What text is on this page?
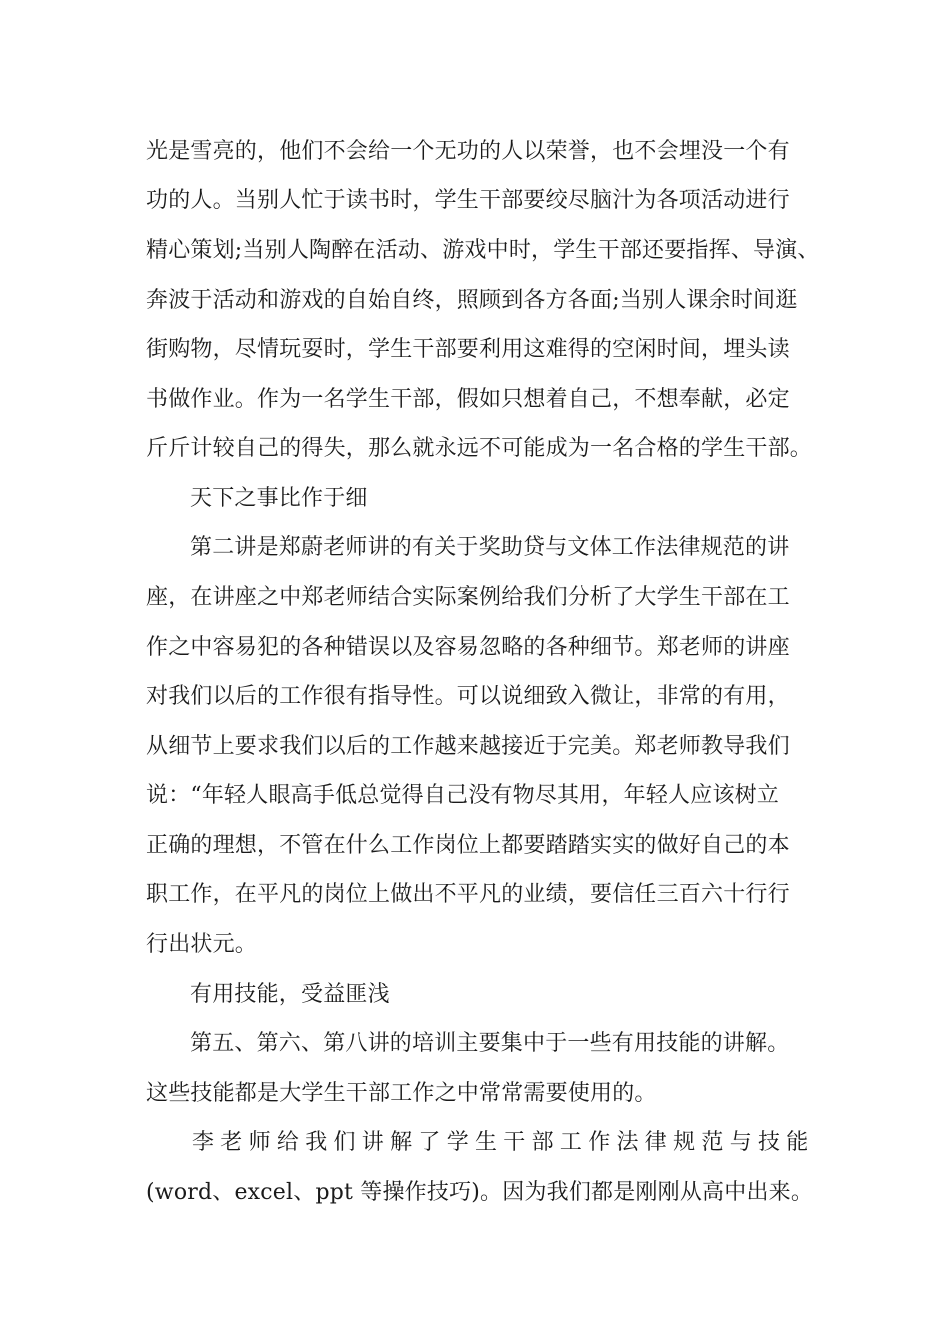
光是雪亮的，他们不会给一个无功的人以荣誉，也不会埋没一个有
功的人。当别人忙于读书时，学生干部要绞尽脑汁为各项活动进行
精心策划;当别人陶醉在活动、游戏中时，学生干部还要指挥、导演、
奔波于活动和游戏的自始自终，照顾到各方各面;当别人课余时间逛
街购物，尽情玩耍时，学生干部要利用这难得的空闲时间，埋头读
书做作业。作为一名学生干部，假如只想着自己，不想奉献，必定
斤斤计较自己的得失，那么就永远不可能成为一名合格的学生干部。
天下之事比作于细
第二讲是郑蔚老师讲的有关于奖助贷与文体工作法律规范的讲
座，在讲座之中郑老师结合实际案例给我们分析了大学生干部在工
作之中容易犯的各种错误以及容易忽略的各种细节。郑老师的讲座
对我们以后的工作很有指导性。可以说细致入微让，非常的有用，
从细节上要求我们以后的工作越来越接近于完美。郑老师教导我们
说：“年轻人眼高手低总觉得自己没有物尽其用，年轻人应该树立
正确的理想，不管在什么工作岗位上都要踏踏实实的做好自己的本
职工作，在平凡的岗位上做出不平凡的业绩，要信任三百六十行行
行出状元。
有用技能，受益匪浅
第五、第六、第八讲的培训主要集中于一些有用技能的讲解。
这些技能都是大学生干部工作之中常常需要使用的。
李老师给我们讲解了学生干部工作法律规范与技能
(word、excel、ppt 等操作技巧)。因为我们都是刚刚从高中出来。
